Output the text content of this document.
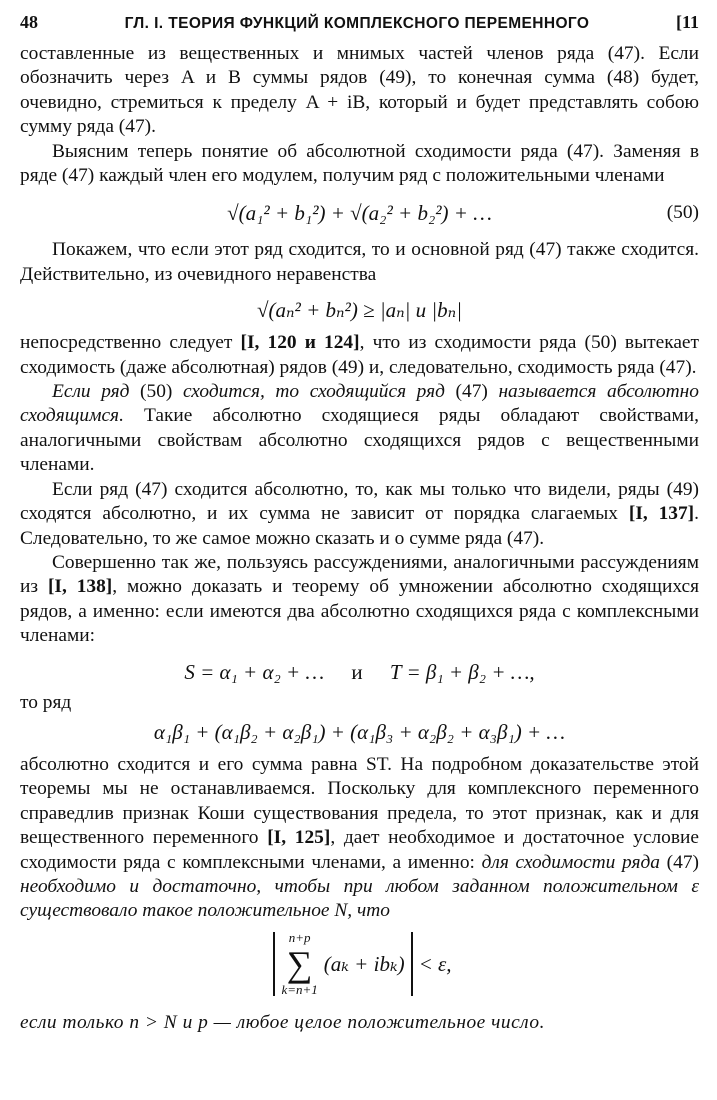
48	ГЛ. I. ТЕОРИЯ ФУНКЦИЙ КОМПЛЕКСНОГО ПЕРЕМЕННОГО	[11

составленные из вещественных и мнимых частей членов ряда (47). Если обозначить через A и B суммы рядов (49), то конечная сумма (48) будет, очевидно, стремиться к пределу A + iB, который и будет представлять собою сумму ряда (47).

Выясним теперь понятие об абсолютной сходимости ряда (47). Заменяя в ряде (47) каждый член его модулем, получим ряд с положительными членами

√(a₁² + b₁²) + √(a₂² + b₂²) + …	(50)

Покажем, что если этот ряд сходится, то и основной ряд (47) также сходится. Действительно, из очевидного неравенства

√(aₙ² + bₙ²) ≥ |aₙ| и |bₙ|

непосредственно следует [I, 120 и 124], что из сходимости ряда (50) вытекает сходимость (даже абсолютная) рядов (49) и, следовательно, сходимость ряда (47).

Если ряд (50) сходится, то сходящийся ряд (47) называется абсолютно сходящимся. Такие абсолютно сходящиеся ряды обладают свойствами, аналогичными свойствам абсолютно сходящихся рядов с вещественными членами.

Если ряд (47) сходится абсолютно, то, как мы только что видели, ряды (49) сходятся абсолютно, и их сумма не зависит от порядка слагаемых [I, 137]. Следовательно, то же самое можно сказать и о сумме ряда (47).

Совершенно так же, пользуясь рассуждениями, аналогичными рассуждениям из [I, 138], можно доказать и теорему об умножении абсолютно сходящихся рядов, а именно: если имеются два абсолютно сходящихся ряда с комплексными членами:

S = α₁ + α₂ + … и T = β₁ + β₂ + …,

то ряд

α₁β₁ + (α₁β₂ + α₂β₁) + (α₁β₃ + α₂β₂ + α₃β₁) + …

абсолютно сходится и его сумма равна ST. На подробном доказательстве этой теоремы мы не останавливаемся. Поскольку для комплексного переменного справедлив признак Коши существования предела, то этот признак, как и для вещественного переменного [I, 125], дает необходимое и достаточное условие сходимости ряда с комплексными членами, а именно: для сходимости ряда (47) необходимо и достаточно, чтобы при любом заданном положительном ε существовало такое положительное N, что

n+p
∑
k=n+1
(aₖ + ibₖ) < ε,

если только n > N и p — любое целое положительное число.
